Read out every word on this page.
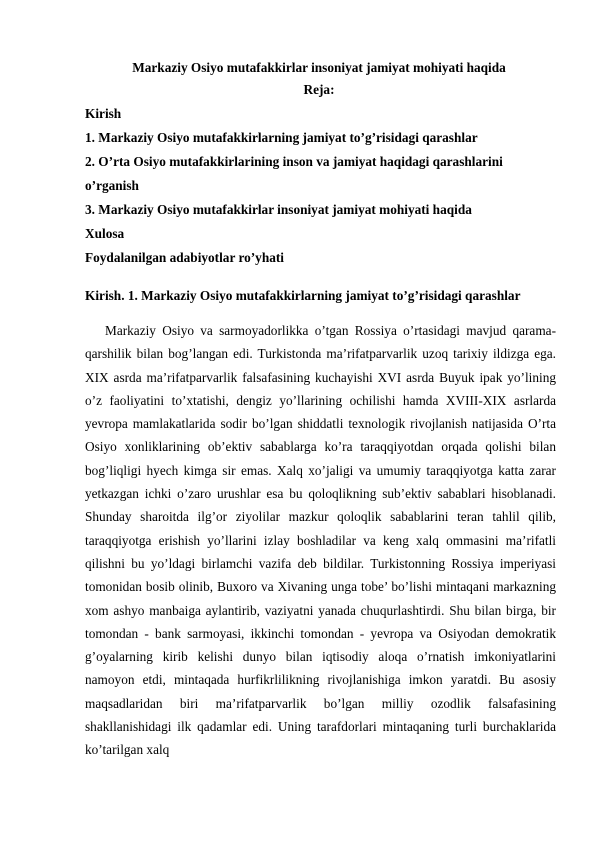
Markaziy Osiyo mutafakkirlar insoniyat jamiyat mohiyati haqida
Reja:
Kirish
1. Markaziy Osiyo mutafakkirlarning jamiyat to’g’risidagi qarashlar
2. O’rta Osiyo mutafakkirlarining inson va jamiyat haqidagi qarashlarini
o’rganish
3. Markaziy Osiyo mutafakkirlar insoniyat jamiyat mohiyati haqida
Xulosa
Foydalanilgan adabiyotlar ro’yhati
Kirish. 1. Markaziy Osiyo mutafakkirlarning jamiyat to’g’risidagi qarashlar

Markaziy Osiyo va sarmoyadorlikka o’tgan Rossiya o’rtasidagi mavjud qarama-qarshilik bilan bog’langan edi. Turkistonda ma’rifatparvarlik uzoq tarixiy ildizga ega. XIX asrda ma’rifatparvarlik falsafasining kuchayishi XVI asrda Buyuk ipak yo’lining o’z faoliyatini to’xtatishi, dengiz yo’llarining ochilishi hamda XVIII-XIX asrlarda yevropa mamlakatlarida sodir bo’lgan shiddatli texnologik rivojlanish natijasida O’rta Osiyo xonliklarining ob’ektiv sabablarga ko’ra taraqqiyotdan orqada qolishi bilan bog’liqligi hyech kimga sir emas. Xalq xo’jaligi va umumiy taraqqiyotga katta zarar yetkazgan ichki o’zaro urushlar esa bu qoloqlikning sub’ektiv sabablari hisoblanadi. Shunday sharoitda ilg’or ziyolilar mazkur qoloqlik sabablarini teran tahlil qilib, taraqqiyotga erishish yo’llarini izlay boshladilar va keng xalq ommasini ma’rifatli qilishni bu yo’ldagi birlamchi vazifa deb bildilar. Turkistonning Rossiya imperiyasi tomonidan bosib olinib, Buxoro va Xivaning unga tobe’ bo’lishi mintaqani markazning xom ashyo manbaiga aylantirib, vaziyatni yanada chuqurlashtirdi. Shu bilan birga, bir tomondan - bank sarmoyasi, ikkinchi tomondan - yevropa va Osiyodan demokratik g’oyalarning kirib kelishi dunyo bilan iqtisodiy aloqa o’rnatish imkoniyatlarini namoyon etdi, mintaqada hurfikrlilikning rivojlanishiga imkon yaratdi. Bu asosiy maqsadlaridan biri ma’rifatparvarlik bo’lgan milliy ozodlik falsafasining shakllanishidagi ilk qadamlar edi. Uning tarafdorlari mintaqaning turli burchaklarida ko’tarilgan xalq
